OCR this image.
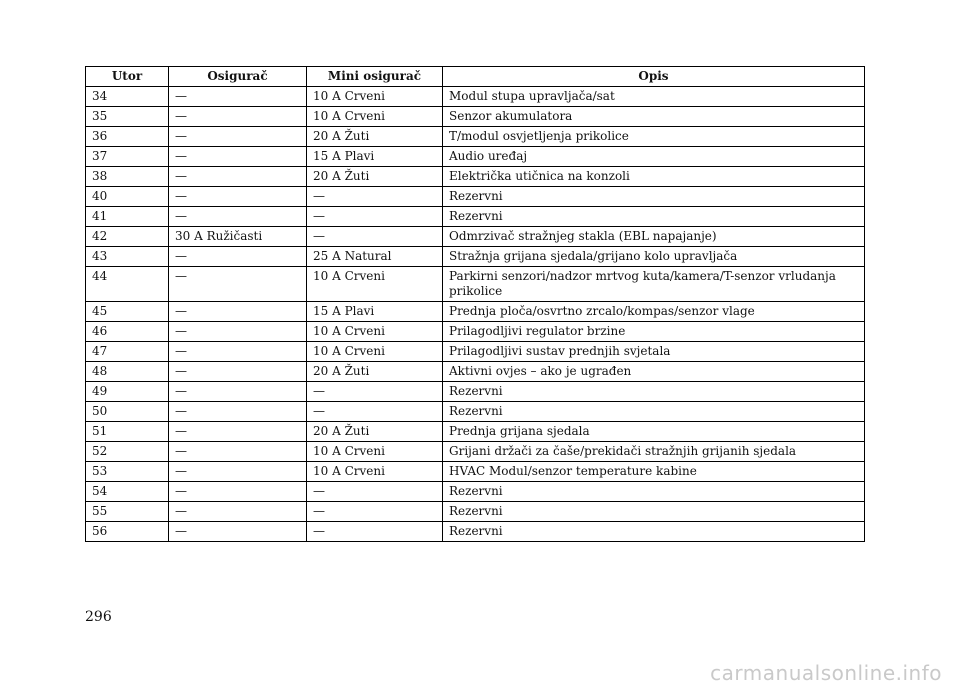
Utor	Osigurač	Mini osigurač	Opis
34	—	10 A Crveni	Modul stupa upravljača/sat
35	—	10 A Crveni	Senzor akumulatora
36	—	20 A Žuti	T/modul osvjetljenja prikolice
37	—	15 A Plavi	Audio uređaj
38	—	20 A Žuti	Električka utičnica na konzoli
40	—	—	Rezervni
41	—	—	Rezervni
42	30 A Ružičasti	—	Odmrzivač stražnjeg stakla (EBL napajanje)
43	—	25 A Natural	Stražnja grijana sjedala/grijano kolo upravljača
44	—	10 A Crveni	Parkirni senzori/nadzor mrtvog kuta/kamera/T-senzor vrludanja prikolice
45	—	15 A Plavi	Prednja ploča/osvrtno zrcalo/kompas/senzor vlage
46	—	10 A Crveni	Prilagodljivi regulator brzine
47	—	10 A Crveni	Prilagodljivi sustav prednjih svjetala
48	—	20 A Žuti	Aktivni ovjes – ako je ugrađen
49	—	—	Rezervni
50	—	—	Rezervni
51	—	20 A Žuti	Prednja grijana sjedala
52	—	10 A Crveni	Grijani držači za čaše/prekidači stražnjih grijanih sjedala
53	—	10 A Crveni	HVAC Modul/senzor temperature kabine
54	—	—	Rezervni
55	—	—	Rezervni
56	—	—	Rezervni
296
carmanualsonline.info
